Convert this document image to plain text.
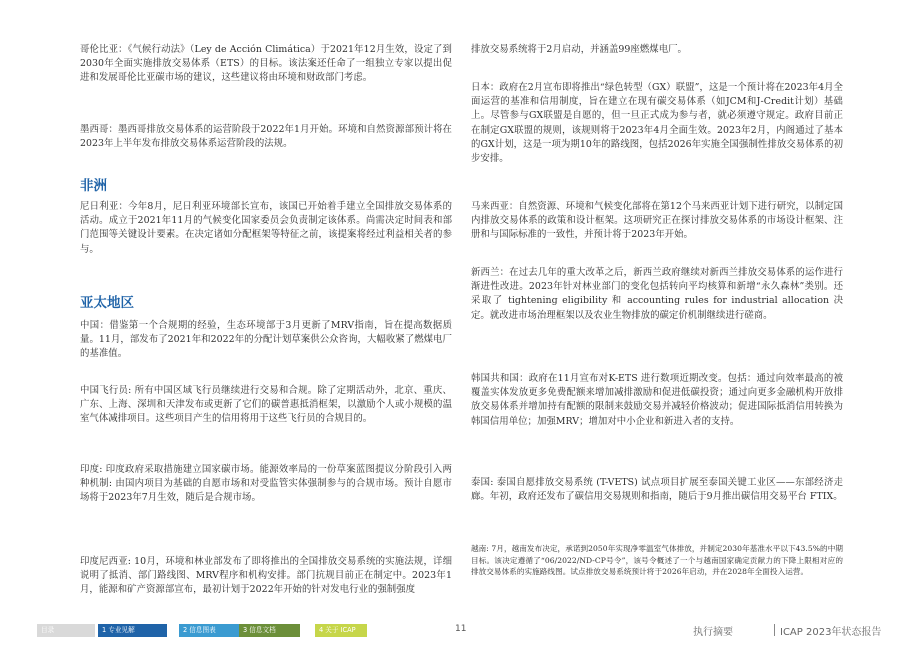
哥伦比亚：《气候行动法》（Ley de Acción Climática）于2021年12月生效，设定了到2030年全面实施排放交易体系（ETS）的目标。该法案还任命了一组独立专家以提出促进和发展哥伦比亚碳市场的建议，这些建议将由环境和财政部门考虑。

墨西哥：墨西哥排放交易体系的运营阶段于2022年1月开始。环境和自然资源部预计将在2023年上半年发布排放交易体系运营阶段的法规。

非洲

尼日利亚：今年8月，尼日利亚环境部长宣布，该国已开始着手建立全国排放交易体系的活动。成立于2021年11月的气候变化国家委员会负责制定该体系。尚需决定时间表和部门范围等关键设计要素。在决定诸如分配框架等特征之前，该提案将经过利益相关者的参与。

亚太地区

中国：借鉴第一个合规期的经验，生态环境部于3月更新了MRV指南，旨在提高数据质量。11月，部发布了2021年和2022年的分配计划草案供公众咨询，大幅收紧了燃煤电厂的基准值。

中国飞行员: 所有中国区域飞行员继续进行交易和合规。除了定期活动外，北京、重庆、广东、上海、深圳和天津发布或更新了它们的碳普惠抵消框架，以激励个人或小规模的温室气体减排项目。这些项目产生的信用将用于这些飞行员的合规目的。

印度: 印度政府采取措施建立国家碳市场。能源效率局的一份草案蓝图提议分阶段引入两种机制: 由国内项目为基础的自愿市场和对受监管实体强制参与的合规市场。预计自愿市场将于2023年7月生效，随后是合规市场。

印度尼西亚: 10月，环境和林业部发布了即将推出的全国排放交易系统的实施法规，详细说明了抵消、部门路线图、MRV程序和机构安排。部门抗规目前正在制定中。2023年1月，能源和矿产资源部宣布，最初计划于2022年开始的针对发电行业的强制强度

排放交易系统将于2月启动，并涵盖99座燃煤电厂。

日本：政府在2月宣布即将推出“绿色转型（GX）联盟”，这是一个预计将在2023年4月全面运营的基准和信用制度，旨在建立在现有碳交易体系（如JCM和J-Credit计划）基础上。尽管参与GX联盟是自愿的，但一旦正式成为参与者，就必须遵守规定。政府目前正在制定GX联盟的规则，该规则将于2023年4月全面生效。2023年2月，内阁通过了基本的GX计划，这是一项为期10年的路线图，包括2026年实施全国强制性排放交易体系的初步安排。

马来西亚：自然资源、环境和气候变化部将在第12个马来西亚计划下进行研究，以制定国内排放交易体系的政策和设计框架。这项研究正在探讨排放交易体系的市场设计框架、注册和与国际标准的一致性，并预计将于2023年开始。

新西兰：在过去几年的重大改革之后，新西兰政府继续对新西兰排放交易体系的运作进行渐进性改进。2023年针对林业部门的变化包括转向平均核算和新增“永久森林”类别。还采取了 tightening eligibility 和 accounting rules for industrial allocation 决定。就改进市场治理框架以及农业生物排放的碳定价机制继续进行磋商。

韩国共和国：政府在11月宣布对K-ETS 进行数项近期改变。包括：通过向效率最高的被覆盖实体发放更多免费配额来增加减排激励和促进低碳投资；通过向更多金融机构开放排放交易体系并增加持有配额的限制来鼓励交易并减轻价格波动；促进国际抵消信用转换为韩国信用单位；加强MRV；增加对中小企业和新进入者的支持。

泰国: 泰国自愿排放交易系统 (T-VETS) 试点项目扩展至泰国关键工业区——东部经济走廊。年初，政府还发布了碳信用交易规则和指南，随后于9月推出碳信用交易平台 FTIX。

越南: 7月，越南发布决定，承诺到2050年实现净零温室气体排放，并制定2030年基准水平以下43.5%的中期目标。该决定遵循了“06/2022/ND-CP号令”，该号令概述了一个与越南国家确定贡献力的下降上限相对应的排放交易体系的实施路线图。试点排放交易系统预计将于2026年启动，并在2028年全面投入运营。

目录	1 专业见解	2 信息图表	3 信息文档	4 关于 ICAP	11	执行摘要	ICAP 2023年状态报告
